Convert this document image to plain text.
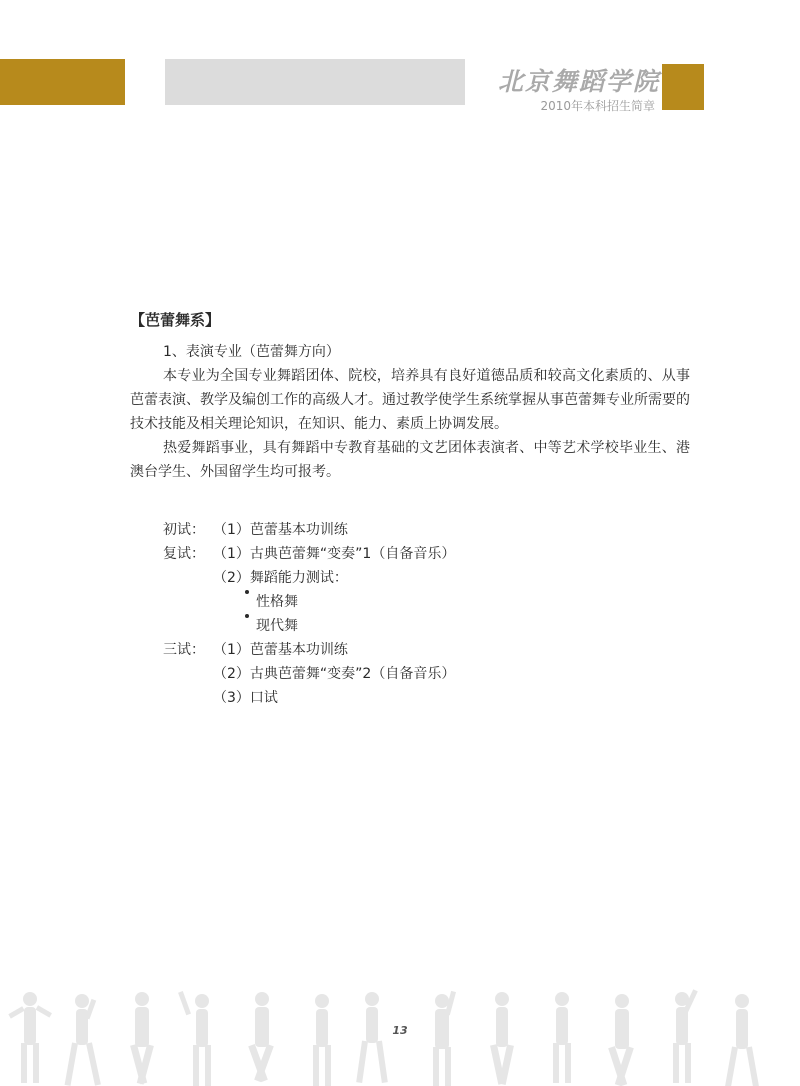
北京舞蹈学院
2010年本科招生简章

【芭蕾舞系】

1、表演专业（芭蕾舞方向）

本专业为全国专业舞蹈团体、院校，培养具有良好道德品质和较高文化素质的、从事芭蕾表演、教学及编创工作的高级人才。通过教学使学生系统掌握从事芭蕾舞专业所需要的技术技能及相关理论知识，在知识、能力、素质上协调发展。

热爱舞蹈事业，具有舞蹈中专教育基础的文艺团体表演者、中等艺术学校毕业生、港澳台学生、外国留学生均可报考。

初试： （1）芭蕾基本功训练
复试： （1）古典芭蕾舞“变奏”1（自备音乐）
（2）舞蹈能力测试：
性格舞
现代舞
三试： （1）芭蕾基本功训练
（2）古典芭蕾舞“变奏”2（自备音乐）
（3）口试
13
